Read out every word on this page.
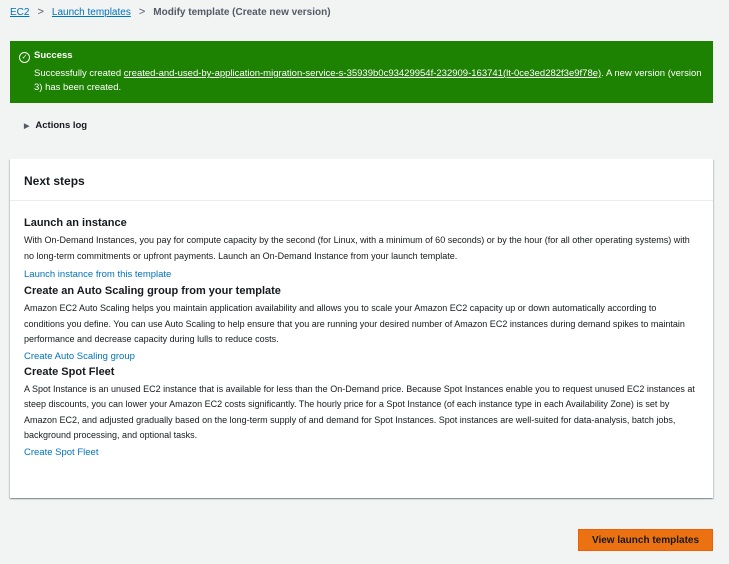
EC2 > Launch templates > Modify template (Create new version)
✓ Success
Successfully created created-and-used-by-application-migration-service-s-35939b0c93429954f-232909-163741(lt-0ce3ed282f3e9f78e). A new version (version 3) has been created.
▶ Actions log
Next steps
Launch an instance

With On-Demand Instances, you pay for compute capacity by the second (for Linux, with a minimum of 60 seconds) or by the hour (for all other operating systems) with no long-term commitments or upfront payments. Launch an On-Demand Instance from your launch template.

Launch instance from this template
Create an Auto Scaling group from your template

Amazon EC2 Auto Scaling helps you maintain application availability and allows you to scale your Amazon EC2 capacity up or down automatically according to conditions you define. You can use Auto Scaling to help ensure that you are running your desired number of Amazon EC2 instances during demand spikes to maintain performance and decrease capacity during lulls to reduce costs.

Create Auto Scaling group
Create Spot Fleet

A Spot Instance is an unused EC2 instance that is available for less than the On-Demand price. Because Spot Instances enable you to request unused EC2 instances at steep discounts, you can lower your Amazon EC2 costs significantly. The hourly price for a Spot Instance (of each instance type in each Availability Zone) is set by Amazon EC2, and adjusted gradually based on the long-term supply of and demand for Spot Instances. Spot instances are well-suited for data-analysis, batch jobs, background processing, and optional tasks.

Create Spot Fleet
View launch templates
